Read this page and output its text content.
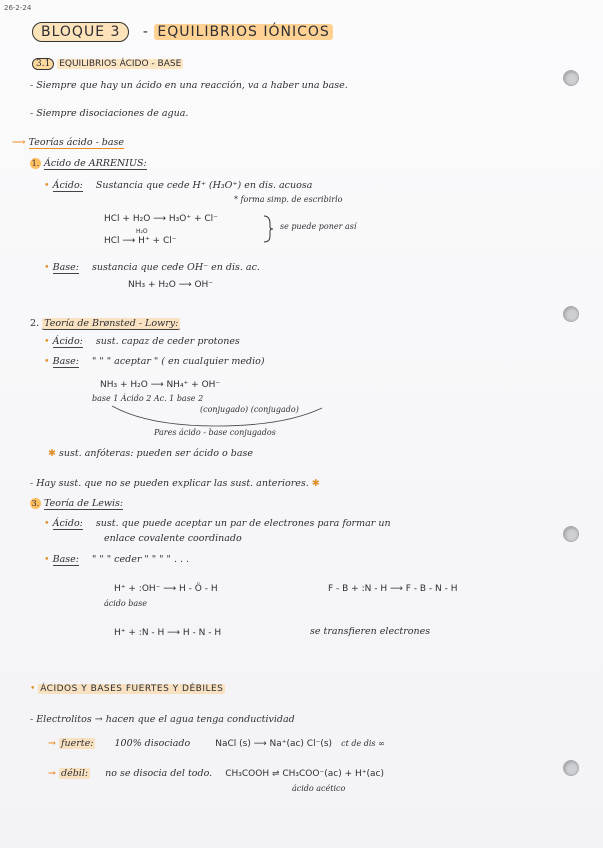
26-2-24
BLOQUE 3 - EQUILIBRIOS IÓNICOS
3.1 EQUILIBRIOS ÁCIDO - BASE
- Siempre que hay un ácido en una reacción, va a haber una base.
- Siempre disociaciones de agua.
⟶ Teorías ácido - base
1. Ácido de ARRENIUS:
• Ácido: Sustancia que cede H⁺ (H₃O⁺) en dis. acuosa
* forma simp. de escribirlo
HCl + H₂O ⟶ H₃O⁺ + Cl⁻
HCl ⟶ H⁺ + Cl⁻
H₂O
se puede poner así
• Base: sustancia que cede OH⁻ en dis. ac.
NH₃ + H₂O ⟶ OH⁻
2. Teoría de Brønsted - Lowry:
• Ácido: sust. capaz de ceder protones
• Base: " " " aceptar " ( en cualquier medio)
NH₃ + H₂O ⟶ NH₄⁺ + OH⁻
base 1 Ácido 2 Ac. 1 base 2
(conjugado) (conjugado)
Pares ácido - base conjugados
✱ sust. anfóteras: pueden ser ácido o base
- Hay sust. que no se pueden explicar las sust. anteriores. ✱
3. Teoría de Lewis:
• Ácido: sust. que puede aceptar un par de electrones para formar un
enlace covalente coordinado
• Base: " " " ceder " " " " . . .
H⁺ + :OH⁻ ⟶ H - Ö - H
ácido base
F - B + :N - H ⟶ F - B - N - H
H⁺ + :N - H ⟶ H - N - H	se transfieren electrones
• ÁCIDOS Y BASES FUERTES Y DÉBILES
- Electrolitos → hacen que el agua tenga conductividad
→ fuerte: 100% disociado	NaCl (s) ⟶ Na⁺(ac) Cl⁻(s) ct de dis ∞
→ débil: no se disocia del todo. CH₃COOH ⇌ CH₃COO⁻(ac) + H⁺(ac)
ácido acético
